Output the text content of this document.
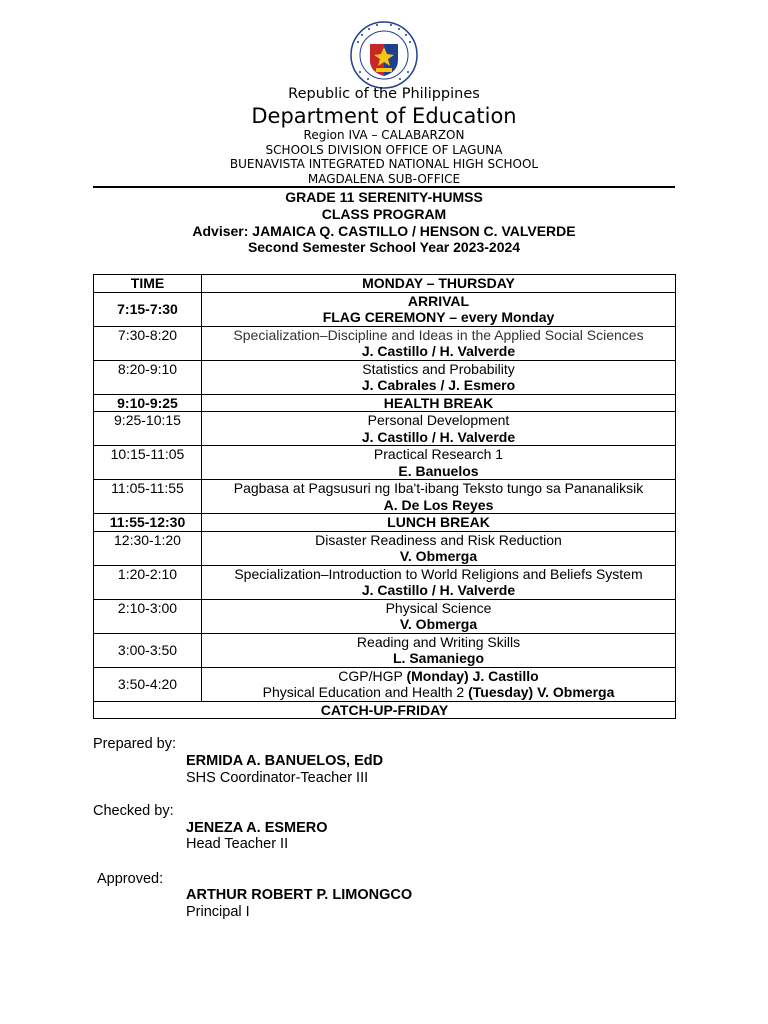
Republic of the Philippines
Department of Education
Region IVA – CALABARZON
SCHOOLS DIVISION OFFICE OF LAGUNA
BUENAVISTA INTEGRATED NATIONAL HIGH SCHOOL
MAGDALENA SUB-OFFICE
GRADE 11 SERENITY-HUMSS
CLASS PROGRAM
Adviser: JAMAICA Q. CASTILLO / HENSON C. VALVERDE
Second Semester School Year 2023-2024
TIME	MONDAY – THURSDAY
7:15-7:30	ARRIVAL
FLAG CEREMONY – every Monday

7:30-8:20	Specialization–Discipline and Ideas in the Applied Social Sciences
J. Castillo / H. Valverde

8:20-9:10	Statistics and Probability
J. Cabrales / J. Esmero

9:10-9:25	HEALTH BREAK
9:25-10:15	Personal Development
J. Castillo / H. Valverde

10:15-11:05	Practical Research 1
E. Banuelos

11:05-11:55	Pagbasa at Pagsusuri ng Iba't-ibang Teksto tungo sa Pananaliksik
A. De Los Reyes

11:55-12:30	LUNCH BREAK
12:30-1:20	Disaster Readiness and Risk Reduction
V. Obmerga

1:20-2:10	Specialization–Introduction to World Religions and Beliefs System
J. Castillo / H. Valverde

2:10-3:00	Physical Science
V. Obmerga

3:00-3:50	Reading and Writing Skills
L. Samaniego

3:50-4:20	CGP/HGP (Monday) J. Castillo
Physical Education and Health 2 (Tuesday) V. Obmerga

CATCH-UP-FRIDAY	
Prepared by:
ERMIDA A. BANUELOS, EdD
SHS Coordinator-Teacher III
Checked by:
JENEZA A. ESMERO
Head Teacher II
Approved:
ARTHUR ROBERT P. LIMONGCO
Principal I
